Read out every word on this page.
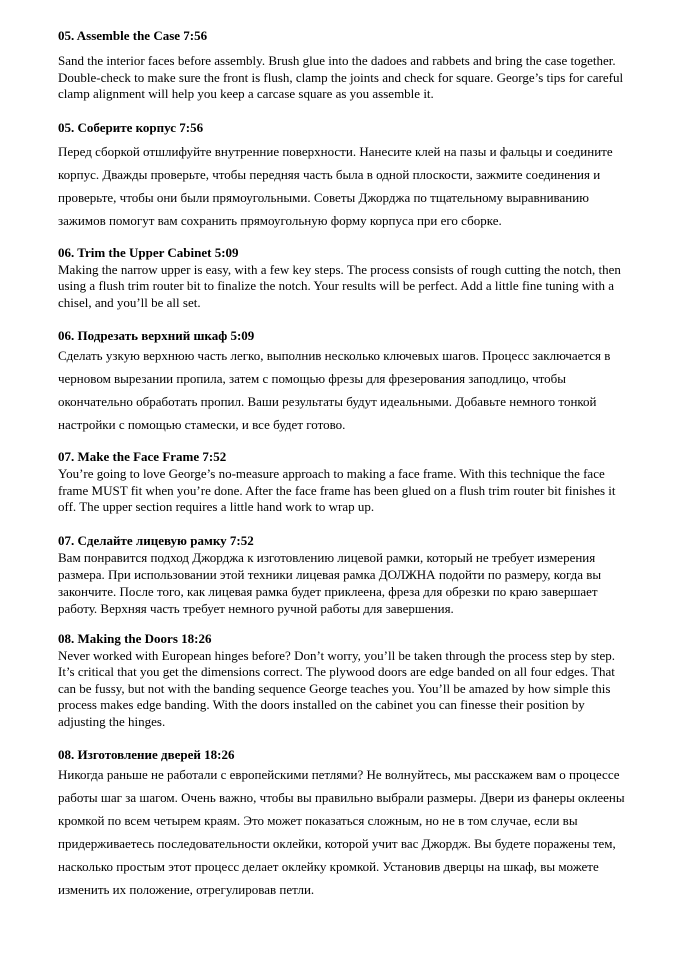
05. Assemble the Case 7:56

Sand the interior faces before assembly. Brush glue into the dadoes and rabbets and bring the case together. Double-check to make sure the front is flush, clamp the joints and check for square. George’s tips for careful clamp alignment will help you keep a carcase square as you assemble it.

05. Соберите корпус 7:56

Перед сборкой отшлифуйте внутренние поверхности. Нанесите клей на пазы и фальцы и соедините корпус. Дважды проверьте, чтобы передняя часть была в одной плоскости, зажмите соединения и проверьте, чтобы они были прямоугольными. Советы Джорджа по тщательному выравниванию зажимов помогут вам сохранить прямоугольную форму корпуса при его сборке.

06. Trim the Upper Cabinet 5:09

Making the narrow upper is easy, with a few key steps. The process consists of rough cutting the notch, then using a flush trim router bit to finalize the notch. Your results will be perfect. Add a little fine tuning with a chisel, and you’ll be all set.

06. Подрезать верхний шкаф 5:09

Сделать узкую верхнюю часть легко, выполнив несколько ключевых шагов. Процесс заключается в черновом вырезании пропила, затем с помощью фрезы для фрезерования заподлицо, чтобы окончательно обработать пропил. Ваши результаты будут идеальными. Добавьте немного тонкой настройки с помощью стамески, и все будет готово.

07. Make the Face Frame 7:52

You’re going to love George’s no-measure approach to making a face frame. With this technique the face frame MUST fit when you’re done. After the face frame has been glued on a flush trim router bit finishes it off. The upper section requires a little hand work to wrap up.

07. Сделайте лицевую рамку 7:52

Вам понравится подход Джорджа к изготовлению лицевой рамки, который не требует измерения размера. При использовании этой техники лицевая рамка ДОЛЖНА подойти по размеру, когда вы закончите. После того, как лицевая рамка будет приклеена, фреза для обрезки по краю завершает работу. Верхняя часть требует немного ручной работы для завершения.

08. Making the Doors 18:26

Never worked with European hinges before? Don’t worry, you’ll be taken through the process step by step. It’s critical that you get the dimensions correct. The plywood doors are edge banded on all four edges. That can be fussy, but not with the banding sequence George teaches you. You’ll be amazed by how simple this process makes edge banding. With the doors installed on the cabinet you can finesse their position by adjusting the hinges.

08. Изготовление дверей 18:26

Никогда раньше не работали с европейскими петлями? Не волнуйтесь, мы расскажем вам о процессе работы шаг за шагом. Очень важно, чтобы вы правильно выбрали размеры. Двери из фанеры оклеены кромкой по всем четырем краям. Это может показаться сложным, но не в том случае, если вы придерживаетесь последовательности оклейки, которой учит вас Джордж. Вы будете поражены тем, насколько простым этот процесс делает оклейку кромкой. Установив дверцы на шкаф, вы можете изменить их положение, отрегулировав петли.
